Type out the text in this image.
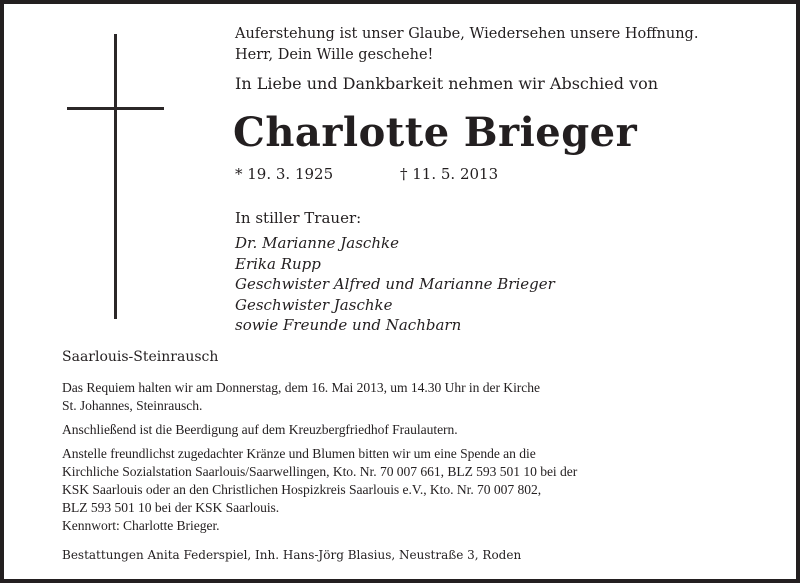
Auferstehung ist unser Glaube, Wiedersehen unsere Hoffnung.
Herr, Dein Wille geschehe!
In Liebe und Dankbarkeit nehmen wir Abschied von
Charlotte Brieger
* 19. 3. 1925	† 11. 5. 2013
In stiller Trauer:
Dr. Marianne Jaschke
Erika Rupp
Geschwister Alfred und Marianne Brieger
Geschwister Jaschke
sowie Freunde und Nachbarn
Saarlouis-Steinrausch
Das Requiem halten wir am Donnerstag, dem 16. Mai 2013, um 14.30 Uhr in der Kirche
St. Johannes, Steinrausch.
Anschließend ist die Beerdigung auf dem Kreuzbergfriedhof Fraulautern.
Anstelle freundlichst zugedachter Kränze und Blumen bitten wir um eine Spende an die
Kirchliche Sozialstation Saarlouis/Saarwellingen, Kto. Nr. 70 007 661, BLZ 593 501 10 bei der
KSK Saarlouis oder an den Christlichen Hospizkreis Saarlouis e.V., Kto. Nr. 70 007 802,
BLZ 593 501 10 bei der KSK Saarlouis.
Kennwort: Charlotte Brieger.
Bestattungen Anita Federspiel, Inh. Hans-Jörg Blasius, Neustraße 3, Roden
